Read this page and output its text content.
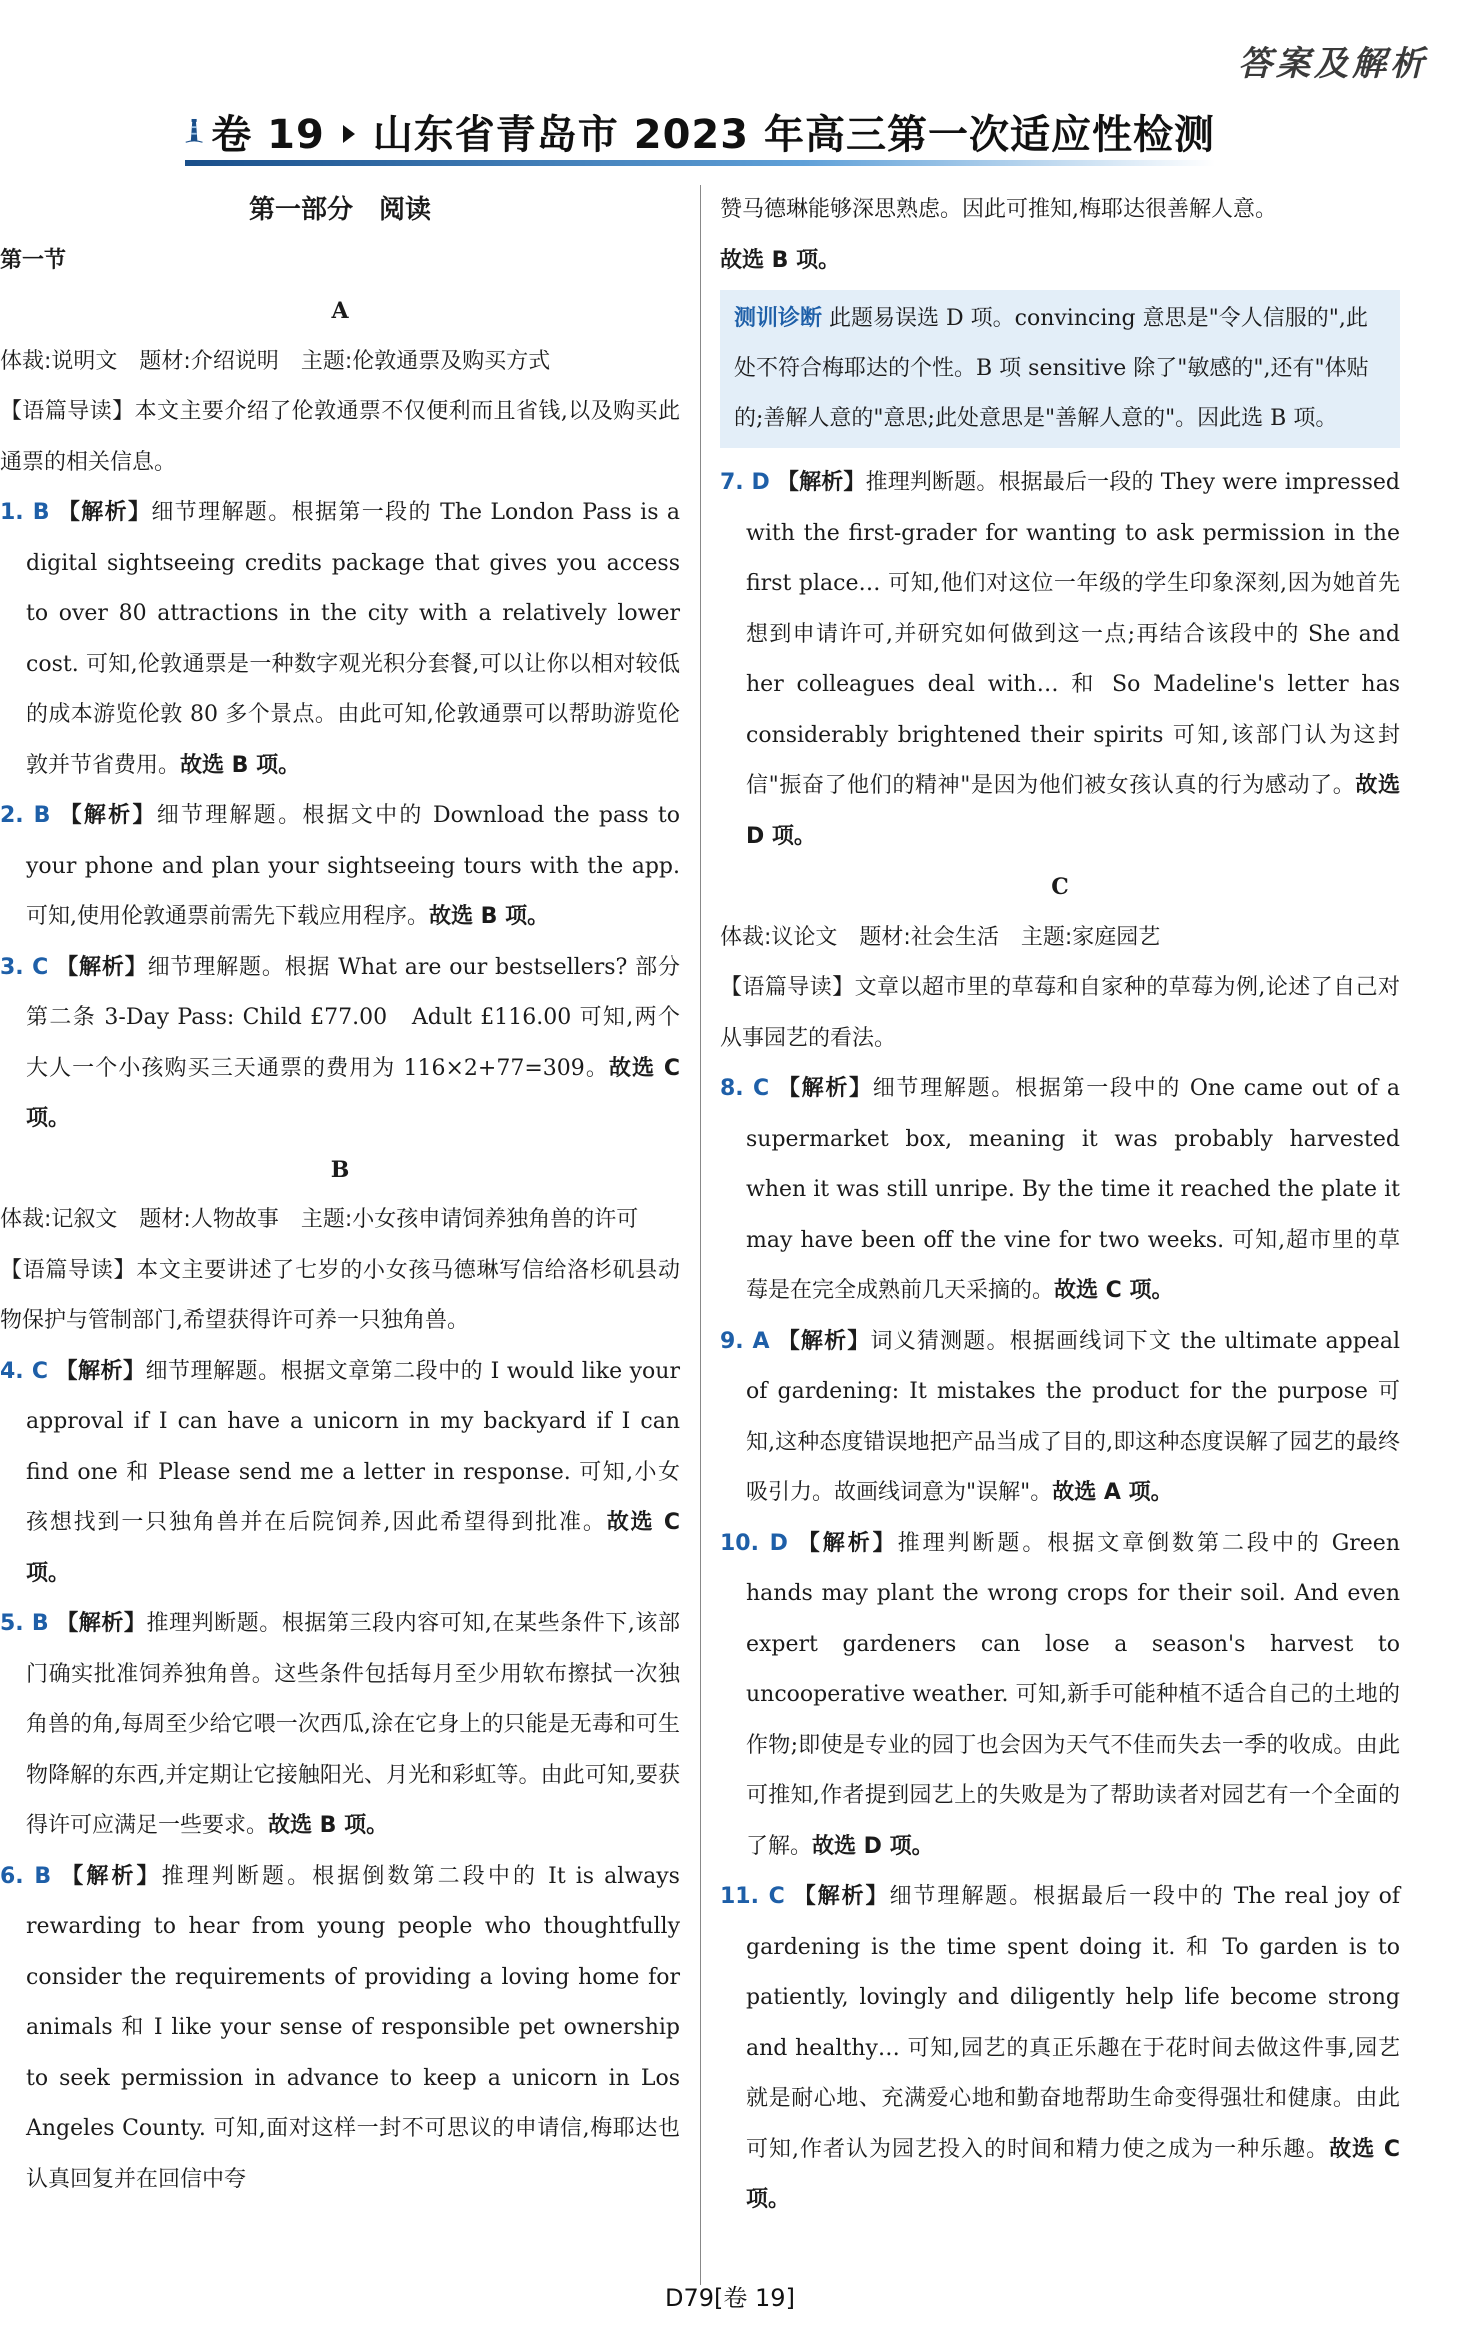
答案及解析
卷 19 山东省青岛市 2023 年高三第一次适应性检测
第一部分　阅读
第一节
A
体裁:说明文　题材:介绍说明　主题:伦敦通票及购买方式
【语篇导读】本文主要介绍了伦敦通票不仅便利而且省钱,以及购买此通票的相关信息。
1. B 【解析】细节理解题。根据第一段的 The London Pass is a digital sightseeing credits package that gives you access to over 80 attractions in the city with a relatively lower cost. 可知,伦敦通票是一种数字观光积分套餐,可以让你以相对较低的成本游览伦敦 80 多个景点。由此可知,伦敦通票可以帮助游览伦敦并节省费用。故选 B 项。
2. B 【解析】细节理解题。根据文中的 Download the pass to your phone and plan your sightseeing tours with the app. 可知,使用伦敦通票前需先下载应用程序。故选 B 项。
3. C 【解析】细节理解题。根据 What are our bestsellers? 部分第二条 3-Day Pass: Child £77.00　Adult £116.00 可知,两个大人一个小孩购买三天通票的费用为 116×2+77=309。故选 C 项。
B
体裁:记叙文　题材:人物故事　主题:小女孩申请饲养独角兽的许可
【语篇导读】本文主要讲述了七岁的小女孩马德琳写信给洛杉矶县动物保护与管制部门,希望获得许可养一只独角兽。
4. C 【解析】细节理解题。根据文章第二段中的 I would like your approval if I can have a unicorn in my backyard if I can find one 和 Please send me a letter in response. 可知,小女孩想找到一只独角兽并在后院饲养,因此希望得到批准。故选 C 项。
5. B 【解析】推理判断题。根据第三段内容可知,在某些条件下,该部门确实批准饲养独角兽。这些条件包括每月至少用软布擦拭一次独角兽的角,每周至少给它喂一次西瓜,涂在它身上的只能是无毒和可生物降解的东西,并定期让它接触阳光、月光和彩虹等。由此可知,要获得许可应满足一些要求。故选 B 项。
6. B 【解析】推理判断题。根据倒数第二段中的 It is always rewarding to hear from young people who thoughtfully consider the requirements of providing a loving home for animals 和 I like your sense of responsible pet ownership to seek permission in advance to keep a unicorn in Los Angeles County. 可知,面对这样一封不可思议的申请信,梅耶达也认真回复并在回信中夸
赞马德琳能够深思熟虑。因此可推知,梅耶达很善解人意。
故选 B 项。
测训诊断 此题易误选 D 项。convincing 意思是"令人信服的",此处不符合梅耶达的个性。B 项 sensitive 除了"敏感的",还有"体贴的;善解人意的"意思;此处意思是"善解人意的"。因此选 B 项。
7. D 【解析】推理判断题。根据最后一段的 They were impressed with the first-grader for wanting to ask permission in the first place… 可知,他们对这位一年级的学生印象深刻,因为她首先想到申请许可,并研究如何做到这一点;再结合该段中的 She and her colleagues deal with… 和 So Madeline's letter has considerably brightened their spirits 可知,该部门认为这封信"振奋了他们的精神"是因为他们被女孩认真的行为感动了。故选 D 项。
C
体裁:议论文　题材:社会生活　主题:家庭园艺
【语篇导读】文章以超市里的草莓和自家种的草莓为例,论述了自己对从事园艺的看法。
8. C 【解析】细节理解题。根据第一段中的 One came out of a supermarket box, meaning it was probably harvested when it was still unripe. By the time it reached the plate it may have been off the vine for two weeks. 可知,超市里的草莓是在完全成熟前几天采摘的。故选 C 项。
9. A 【解析】词义猜测题。根据画线词下文 the ultimate appeal of gardening: It mistakes the product for the purpose 可知,这种态度错误地把产品当成了目的,即这种态度误解了园艺的最终吸引力。故画线词意为"误解"。故选 A 项。
10. D 【解析】推理判断题。根据文章倒数第二段中的 Green hands may plant the wrong crops for their soil. And even expert gardeners can lose a season's harvest to uncooperative weather. 可知,新手可能种植不适合自己的土地的作物;即使是专业的园丁也会因为天气不佳而失去一季的收成。由此可推知,作者提到园艺上的失败是为了帮助读者对园艺有一个全面的了解。故选 D 项。
11. C 【解析】细节理解题。根据最后一段中的 The real joy of gardening is the time spent doing it. 和 To garden is to patiently, lovingly and diligently help life become strong and healthy… 可知,园艺的真正乐趣在于花时间去做这件事,园艺就是耐心地、充满爱心地和勤奋地帮助生命变得强壮和健康。由此可知,作者认为园艺投入的时间和精力使之成为一种乐趣。故选 C 项。
D79[卷 19]
